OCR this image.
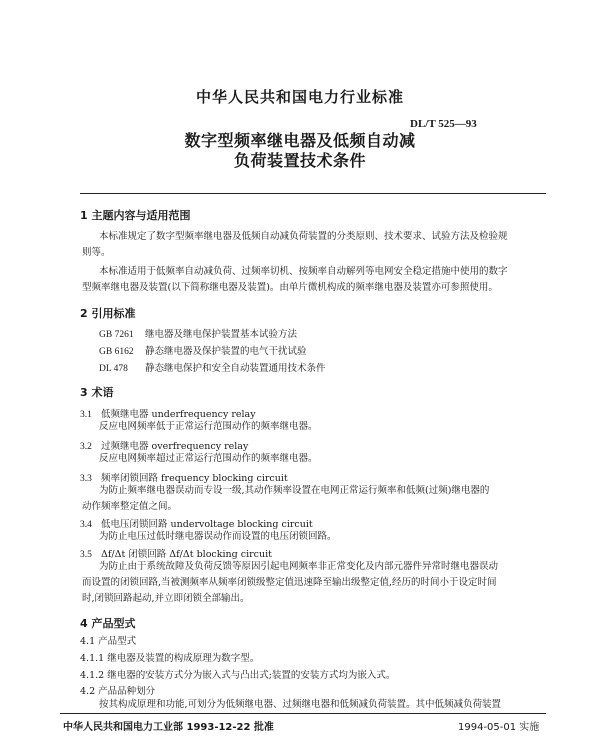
中华人民共和国电力行业标准
DL/T 525—93
数字型频率继电器及低频自动减
负荷装置技术条件
1 主题内容与适用范围
本标准规定了数字型频率继电器及低频自动减负荷装置的分类原则、技术要求、试验方法及检验规
则等。
本标准适用于低频率自动减负荷、过频率切机、按频率自动解列等电网安全稳定措施中使用的数字
型频率继电器及装置(以下简称继电器及装置)。由单片微机构成的频率继电器及装置亦可参照使用。
2 引用标准
GB 7261 继电器及继电保护装置基本试验方法
GB 6162 静态继电器及保护装置的电气干扰试验
DL 478 静态继电保护和安全自动装置通用技术条件
3 术语
3.1 低频继电器 underfrequency relay
反应电网频率低于正常运行范围动作的频率继电器。
3.2 过频继电器 overfrequency relay
反应电网频率超过正常运行范围动作的频率继电器。
3.3 频率闭锁回路 frequency blocking circuit
为防止频率继电器误动而专设一级,其动作频率设置在电网正常运行频率和低频(过频)继电器的
动作频率整定值之间。
3.4 低电压闭锁回路 undervoltage blocking circuit
为防止电压过低时继电器误动作而设置的电压闭锁回路。
3.5 Δf/Δt 闭锁回路 Δf/Δt blocking circuit
为防止由于系统故障及负荷反馈等原因引起电网频率非正常变化及内部元器件异常时继电器误动
而设置的闭锁回路,当被测频率从频率闭锁级整定值迅速降至输出级整定值,经历的时间小于设定时间
时,闭锁回路起动,并立即闭锁全部输出。
4 产品型式
4.1 产品型式
4.1.1 继电器及装置的构成原理为数字型。
4.1.2 继电器的安装方式分为嵌入式与凸出式;装置的安装方式均为嵌入式。
4.2 产品品种划分
按其构成原理和功能,可划分为低频继电器、过频继电器和低频减负荷装置。其中低频减负荷装置
中华人民共和国电力工业部 1993-12-22 批准	1994-05-01 实施
